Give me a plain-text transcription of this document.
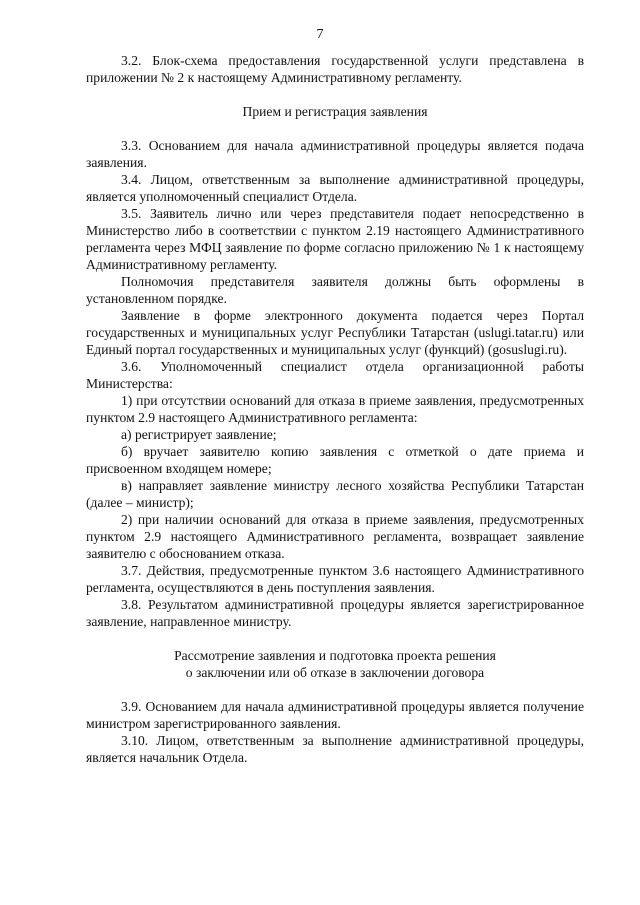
7

3.2. Блок-схема предоставления государственной услуги представлена в приложении № 2 к настоящему Административному регламенту.

Прием и регистрация заявления

3.3. Основанием для начала административной процедуры является подача заявления.

3.4. Лицом, ответственным за выполнение административной процедуры, является уполномоченный специалист Отдела.

3.5. Заявитель лично или через представителя подает непосредственно в Министерство либо в соответствии с пунктом 2.19 настоящего Административного регламента через МФЦ заявление по форме согласно приложению № 1 к настоящему Административному регламенту.

Полномочия представителя заявителя должны быть оформлены в установленном порядке.

Заявление в форме электронного документа подается через Портал государственных и муниципальных услуг Республики Татарстан (uslugi.tatar.ru) или Единый портал государственных и муниципальных услуг (функций) (gosuslugi.ru).

3.6. Уполномоченный специалист отдела организационной работы Министерства:

1) при отсутствии оснований для отказа в приеме заявления, предусмотренных пунктом 2.9 настоящего Административного регламента:

а) регистрирует заявление;

б) вручает заявителю копию заявления с отметкой о дате приема и присвоенном входящем номере;

в) направляет заявление министру лесного хозяйства Республики Татарстан (далее – министр);

2) при наличии оснований для отказа в приеме заявления, предусмотренных пунктом 2.9 настоящего Административного регламента, возвращает заявление заявителю с обоснованием отказа.

3.7. Действия, предусмотренные пунктом 3.6 настоящего Административного регламента, осуществляются в день поступления заявления.

3.8. Результатом административной процедуры является зарегистрированное заявление, направленное министру.

Рассмотрение заявления и подготовка проекта решения
о заключении или об отказе в заключении договора

3.9. Основанием для начала административной процедуры является получение министром зарегистрированного заявления.

3.10. Лицом, ответственным за выполнение административной процедуры, является начальник Отдела.
